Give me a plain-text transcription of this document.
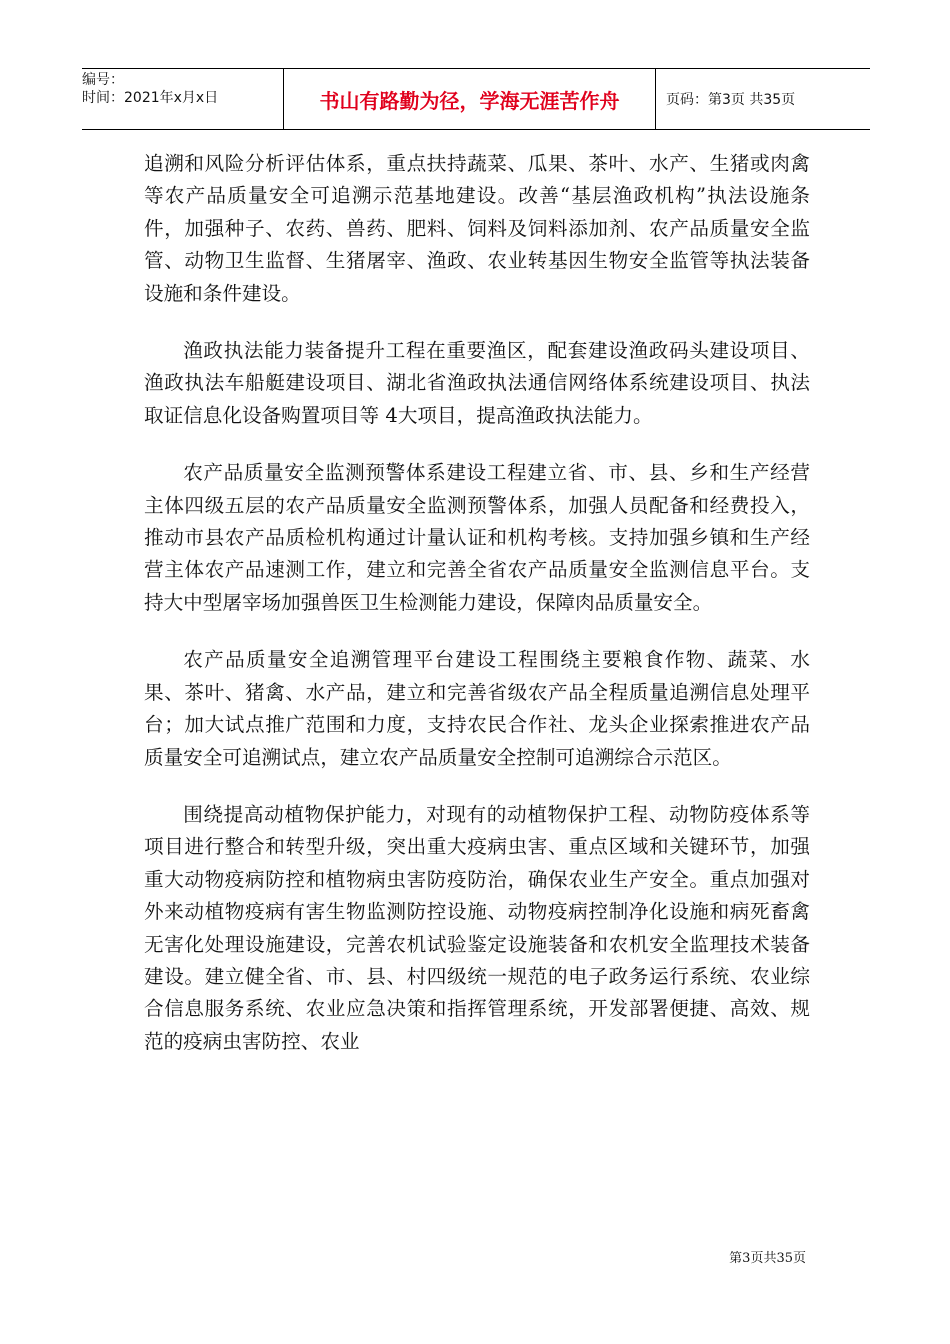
编号：
时间：2021年x月x日	书山有路勤为径，学海无涯苦作舟	页码：第3页 共35页

追溯和风险分析评估体系，重点扶持蔬菜、瓜果、茶叶、水产、生猪或肉禽等农产品质量安全可追溯示范基地建设。改善“基层渔政机构”执法设施条件，加强种子、农药、兽药、肥料、饲料及饲料添加剂、农产品质量安全监管、动物卫生监督、生猪屠宰、渔政、农业转基因生物安全监管等执法装备设施和条件建设。

渔政执法能力装备提升工程在重要渔区，配套建设渔政码头建设项目、渔政执法车船艇建设项目、湖北省渔政执法通信网络体系统建设项目、执法取证信息化设备购置项目等 4大项目，提高渔政执法能力。

农产品质量安全监测预警体系建设工程建立省、市、县、乡和生产经营主体四级五层的农产品质量安全监测预警体系，加强人员配备和经费投入，推动市县农产品质检机构通过计量认证和机构考核。支持加强乡镇和生产经营主体农产品速测工作，建立和完善全省农产品质量安全监测信息平台。支持大中型屠宰场加强兽医卫生检测能力建设，保障肉品质量安全。

农产品质量安全追溯管理平台建设工程围绕主要粮食作物、蔬菜、水果、茶叶、猪禽、水产品，建立和完善省级农产品全程质量追溯信息处理平台；加大试点推广范围和力度，支持农民合作社、龙头企业探索推进农产品质量安全可追溯试点，建立农产品质量安全控制可追溯综合示范区。

围绕提高动植物保护能力，对现有的动植物保护工程、动物防疫体系等项目进行整合和转型升级，突出重大疫病虫害、重点区域和关键环节，加强重大动物疫病防控和植物病虫害防疫防治，确保农业生产安全。重点加强对外来动植物疫病有害生物监测防控设施、动物疫病控制净化设施和病死畜禽无害化处理设施建设，完善农机试验鉴定设施装备和农机安全监理技术装备建设。建立健全省、市、县、村四级统一规范的电子政务运行系统、农业综合信息服务系统、农业应急决策和指挥管理系统，开发部署便捷、高效、规范的疫病虫害防控、农业

第3页共35页
